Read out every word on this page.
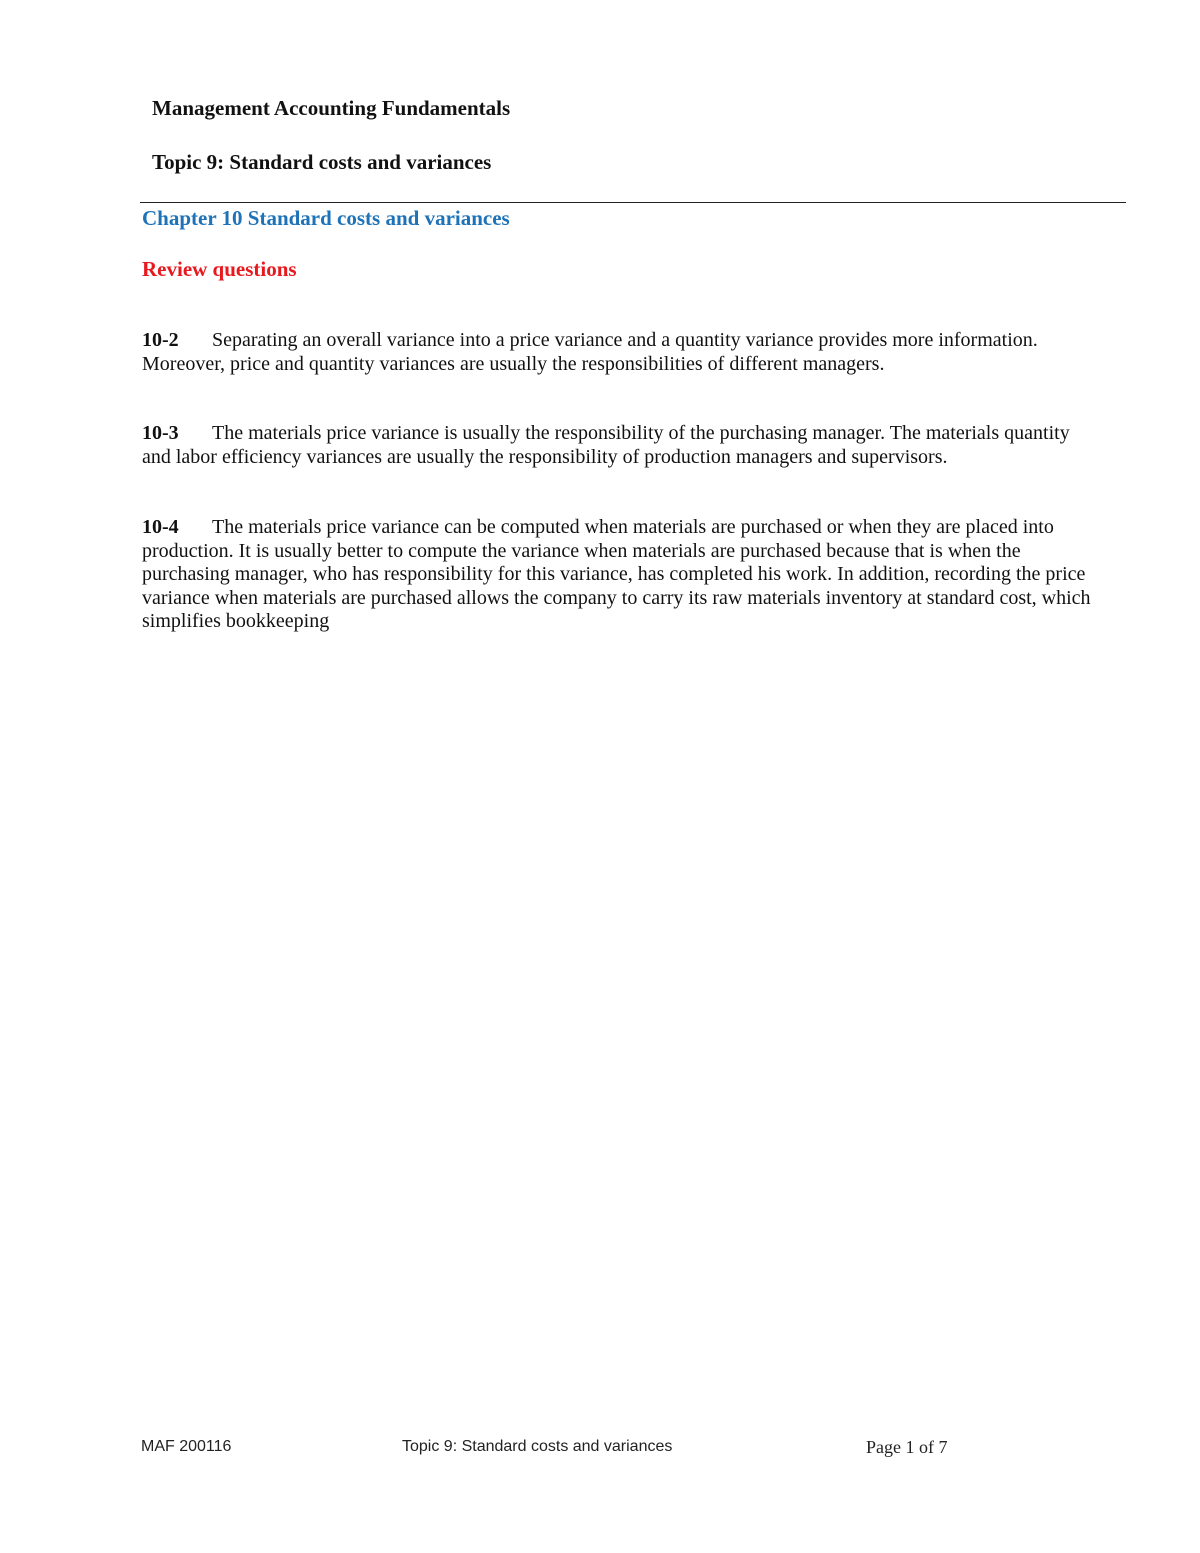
Management Accounting Fundamentals
Topic 9: Standard costs and variances
Chapter 10 Standard costs and variances
Review questions

10-2 Separating an overall variance into a price variance and a quantity variance provides more information. Moreover, price and quantity variances are usually the responsibilities of different managers.

10-3 The materials price variance is usually the responsibility of the purchasing manager. The materials quantity and labor efficiency variances are usually the responsibility of production managers and supervisors.

10-4 The materials price variance can be computed when materials are purchased or when they are placed into production. It is usually better to compute the variance when materials are purchased because that is when the purchasing manager, who has responsibility for this variance, has completed his work. In addition, recording the price variance when materials are purchased allows the company to carry its raw materials inventory at standard cost, which simplifies bookkeeping

MAF 200116	Topic 9: Standard costs and variances	Page 1 of 7
